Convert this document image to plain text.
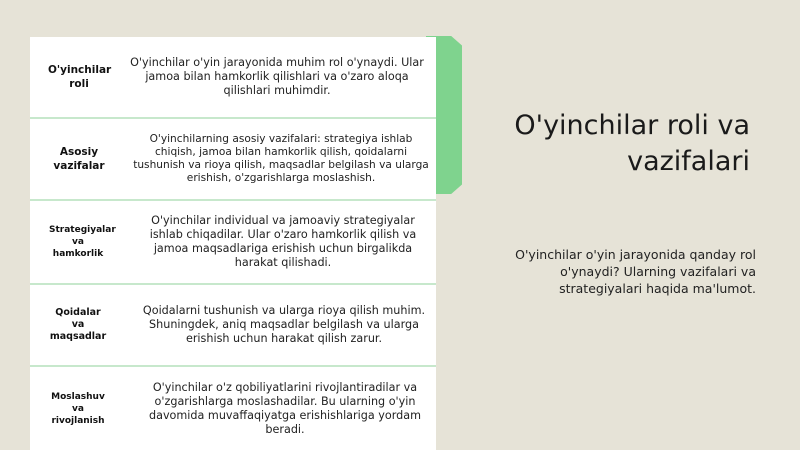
O'yinchilar roli
O'yinchilar o'yin jarayonida muhim rol o'ynaydi. Ular jamoa bilan hamkorlik qilishlari va o'zaro aloqa qilishlari muhimdir.
Asosiy vazifalar
O'yinchilarning asosiy vazifalari: strategiya ishlab chiqish, jamoa bilan hamkorlik qilish, qoidalarni tushunish va rioya qilish, maqsadlar belgilash va ularga erishish, o'zgarishlarga moslashish.
Strategiyalar va hamkorlik
O'yinchilar individual va jamoaviy strategiyalar ishlab chiqadilar. Ular o'zaro hamkorlik qilish va jamoa maqsadlariga erishish uchun birgalikda harakat qilishadi.
Qoidalar va maqsadlar
Qoidalarni tushunish va ularga rioya qilish muhim. Shuningdek, aniq maqsadlar belgilash va ularga erishish uchun harakat qilish zarur.
Moslashuv va rivojlanish
O'yinchilar o'z qobiliyatlarini rivojlantiradilar va o'zgarishlarga moslashadilar. Bu ularning o'yin davomida muvaffaqiyatga erishishlariga yordam beradi.
O'yinchilar roli va vazifalari
O'yinchilar o'yin jarayonida qanday rol o'ynaydi? Ularning vazifalari va strategiyalari haqida ma'lumot.
